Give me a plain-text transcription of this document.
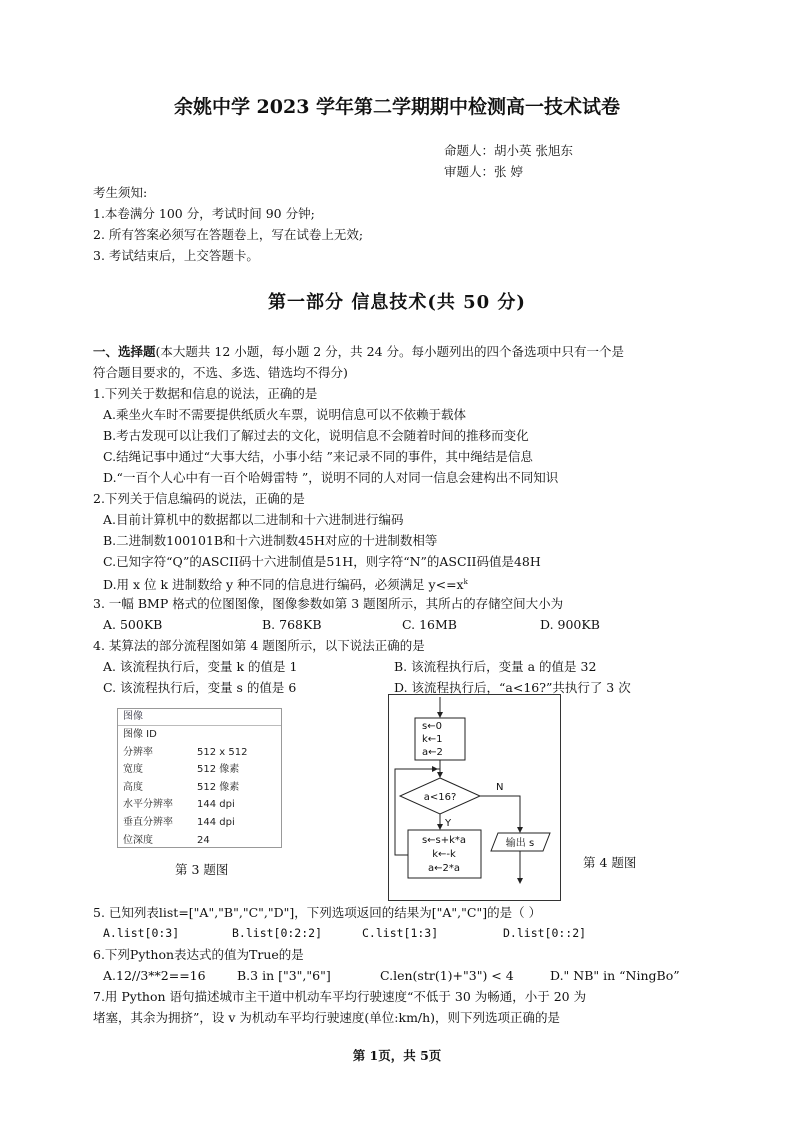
余姚中学 2023 学年第二学期期中检测高一技术试卷
命题人：胡小英 张旭东
审题人：张 婷
考生须知:
1.本卷满分 100 分，考试时间 90 分钟;
2. 所有答案必须写在答题卷上，写在试卷上无效;
3. 考试结束后，上交答题卡。
第一部分 信息技术(共 50 分)
一、选择题(本大题共 12 小题，每小题 2 分，共 24 分。每小题列出的四个备选项中只有一个是
符合题目要求的，不选、多选、错选均不得分)
1.下列关于数据和信息的说法，正确的是
A.乘坐火车时不需要提供纸质火车票，说明信息可以不依赖于载体
B.考古发现可以让我们了解过去的文化，说明信息不会随着时间的推移而变化
C.结绳记事中通过“大事大结，小事小结 ”来记录不同的事件，其中绳结是信息
D.“一百个人心中有一百个哈姆雷特 ”，说明不同的人对同一信息会建构出不同知识
2.下列关于信息编码的说法，正确的是
A.目前计算机中的数据都以二进制和十六进制进行编码
B.二进制数100101B和十六进制数45H对应的十进制数相等
C.已知字符“Q”的ASCII码十六进制值是51H，则字符“N”的ASCII码值是48H
D.用 x 位 k 进制数给 y 种不同的信息进行编码，必须满足 $y<=x^k$
3. 一幅 BMP 格式的位图图像，图像参数如第 3 题图所示，其所占的存储空间大小为
A. 500KB	B. 768KB	C. 16MB	D. 900KB
4. 某算法的部分流程图如第 4 题图所示，以下说法正确的是
A. 该流程执行后，变量 k 的值是 1	B. 该流程执行后，变量 a 的值是 32
C. 该流程执行后，变量 s 的值是 6	D. 该流程执行后，“a<16?”共执行了 3 次
图像
图像 ID
分辨率	512 x 512
宽度	512 像素
高度	512 像素
水平分辨率	144 dpi
垂直分辨率	144 dpi
位深度	24
第 3 题图
s←0
k←1
a←2
a<16?
Y
N
s←s+k*a
k←-k
a←2*a
输出 s
第 4 题图
5. 已知列表list=["A","B","C","D"]，下列选项返回的结果为["A","C"]的是（ ）
A.list[0:3]	B.list[0:2:2]	C.list[1:3]	D.list[0::2]
6.下列Python表达式的值为True的是
A.12//3**2==16	B.3 in ["3","6"]	C.len(str(1)+"3") < 4	D." NB" in “NingBo”
7.用 Python 语句描述城市主干道中机动车平均行驶速度“不低于 30 为畅通，小于 20 为
堵塞，其余为拥挤”，设 v 为机动车平均行驶速度(单位:km/h)，则下列选项正确的是
第 1页，共 5页
